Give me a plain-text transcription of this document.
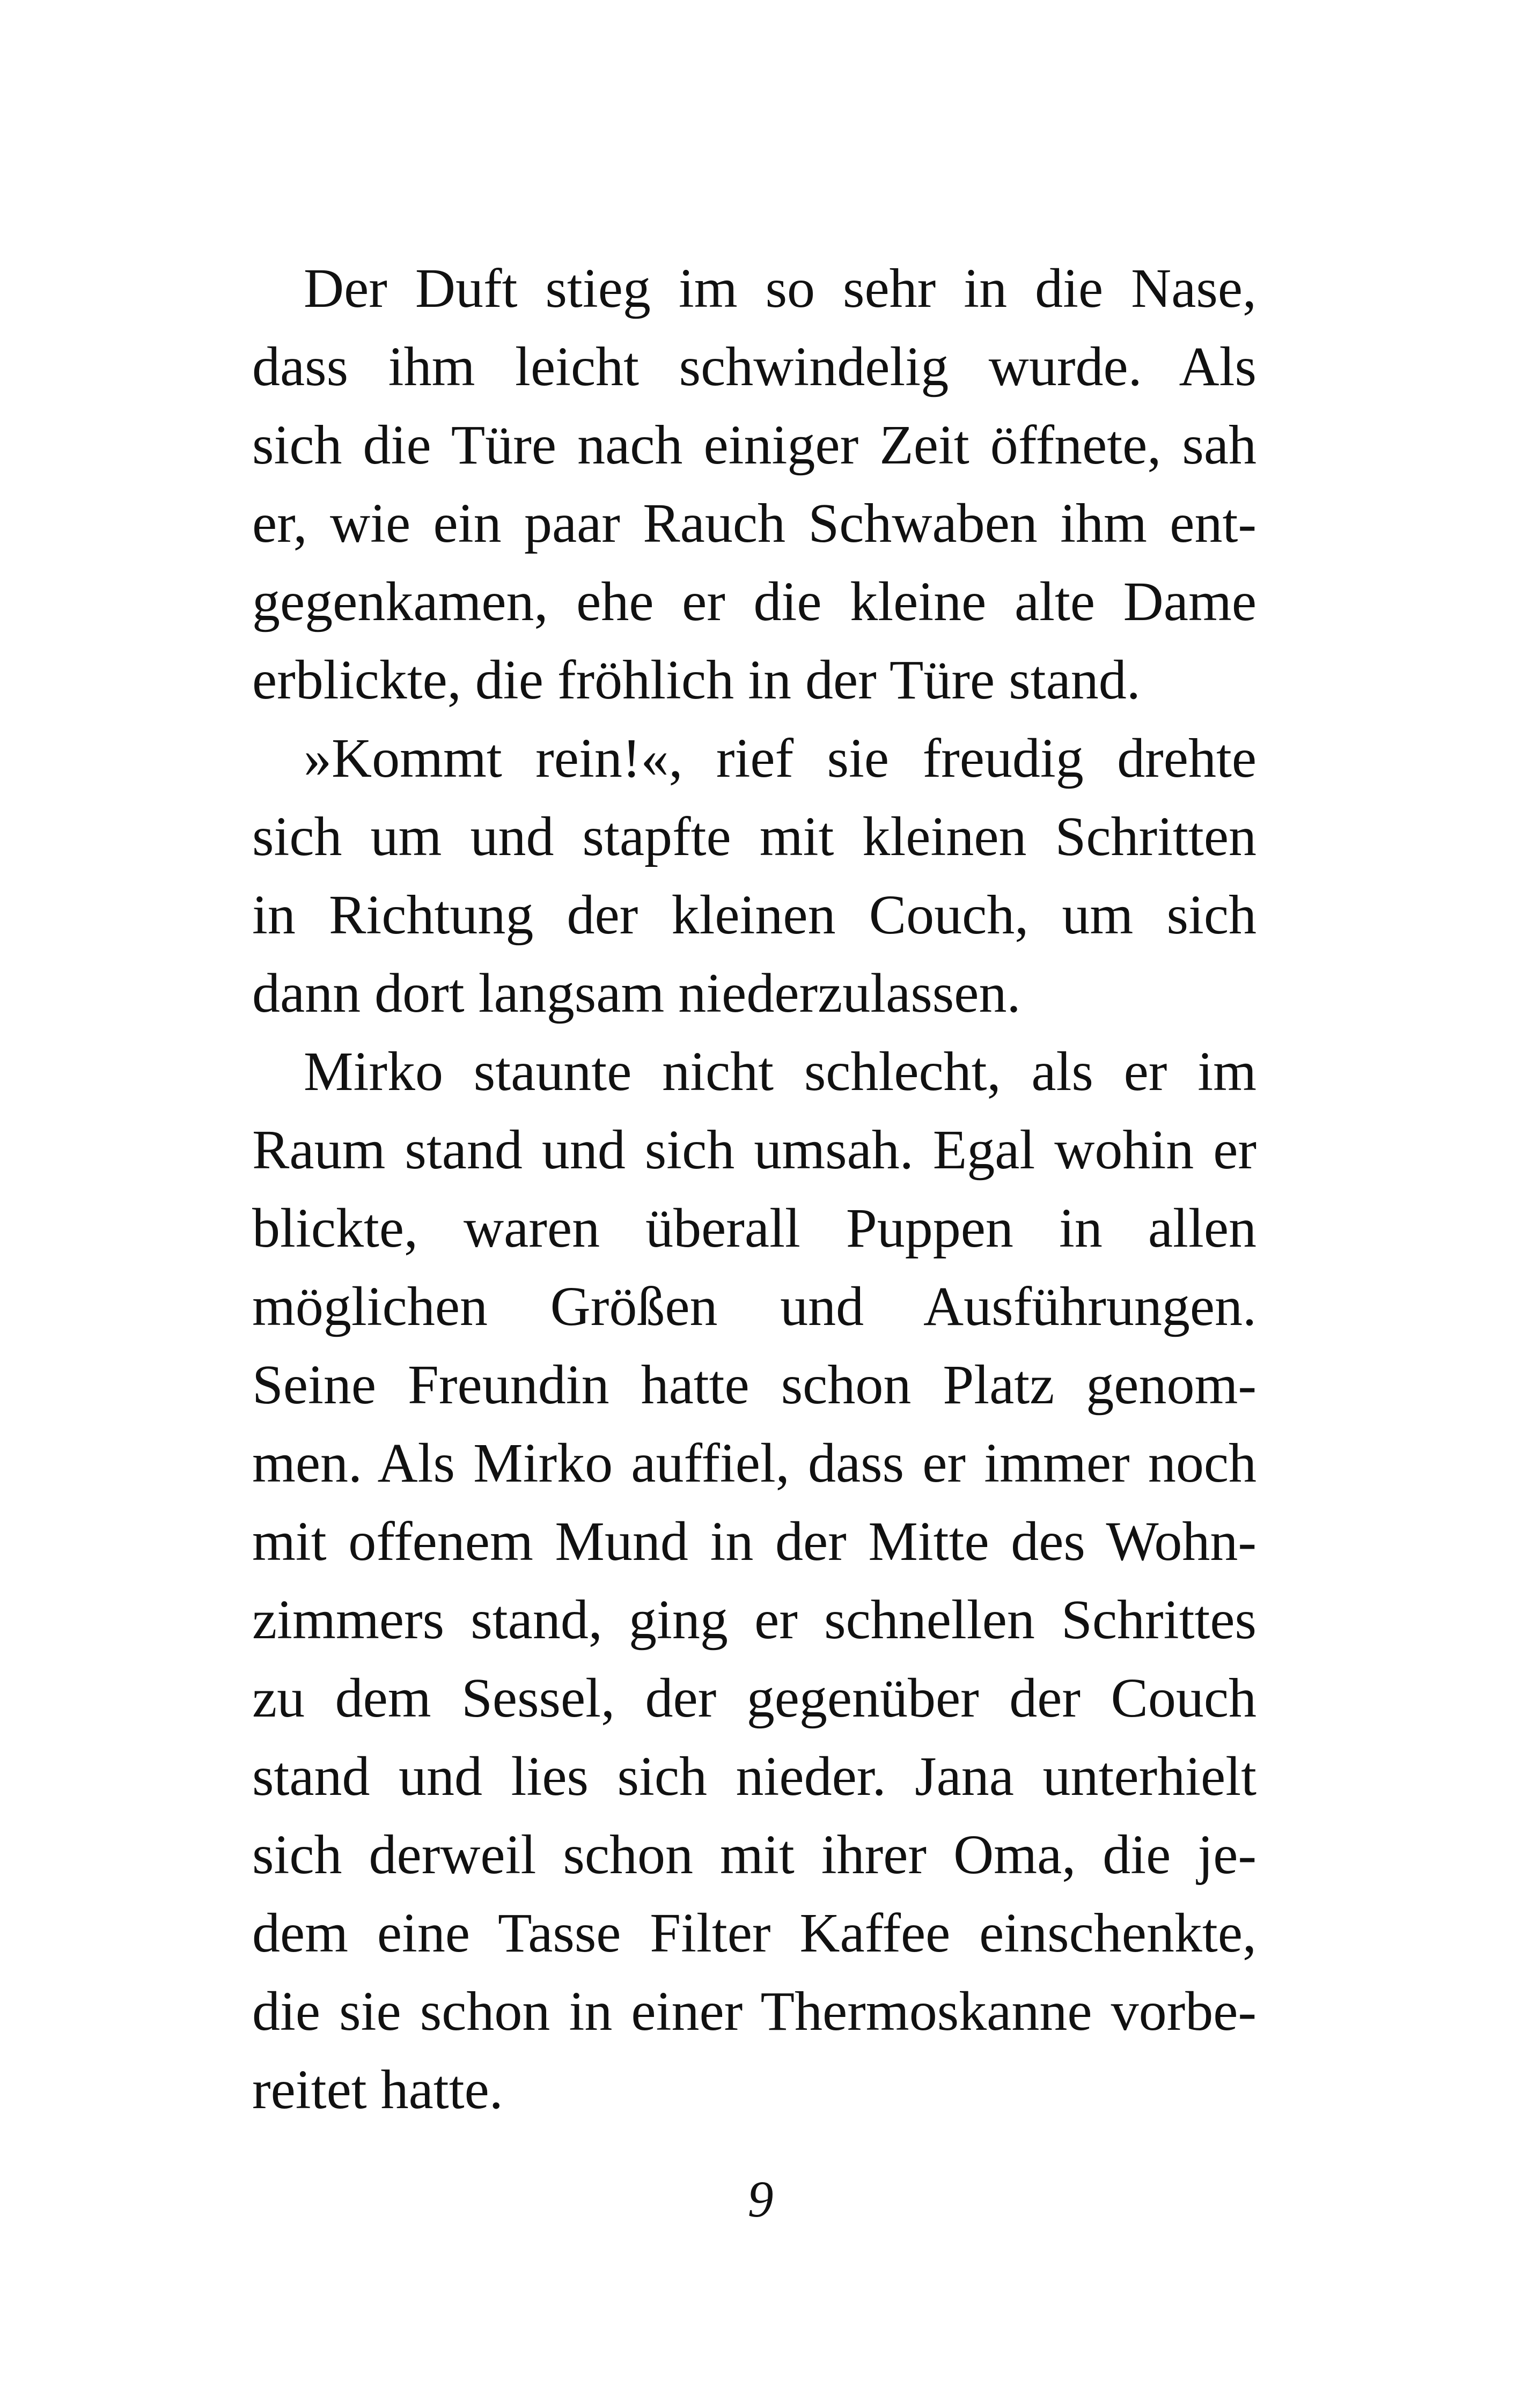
Der Duft stieg im so sehr in die Nase,
dass ihm leicht schwindelig wurde. Als
sich die Türe nach einiger Zeit öffnete, sah
er, wie ein paar Rauch Schwaben ihm ent-
gegenkamen, ehe er die kleine alte Dame
erblickte, die fröhlich in der Türe stand.
»Kommt rein!«, rief sie freudig drehte
sich um und stapfte mit kleinen Schritten
in Richtung der kleinen Couch, um sich
dann dort langsam niederzulassen.
Mirko staunte nicht schlecht, als er im
Raum stand und sich umsah. Egal wohin er
blickte, waren überall Puppen in allen
möglichen Größen und Ausführungen.
Seine Freundin hatte schon Platz genom-
men. Als Mirko auffiel, dass er immer noch
mit offenem Mund in der Mitte des Wohn-
zimmers stand, ging er schnellen Schrittes
zu dem Sessel, der gegenüber der Couch
stand und lies sich nieder. Jana unterhielt
sich derweil schon mit ihrer Oma, die je-
dem eine Tasse Filter Kaffee einschenkte,
die sie schon in einer Thermoskanne vorbe-
reitet hatte.
9
